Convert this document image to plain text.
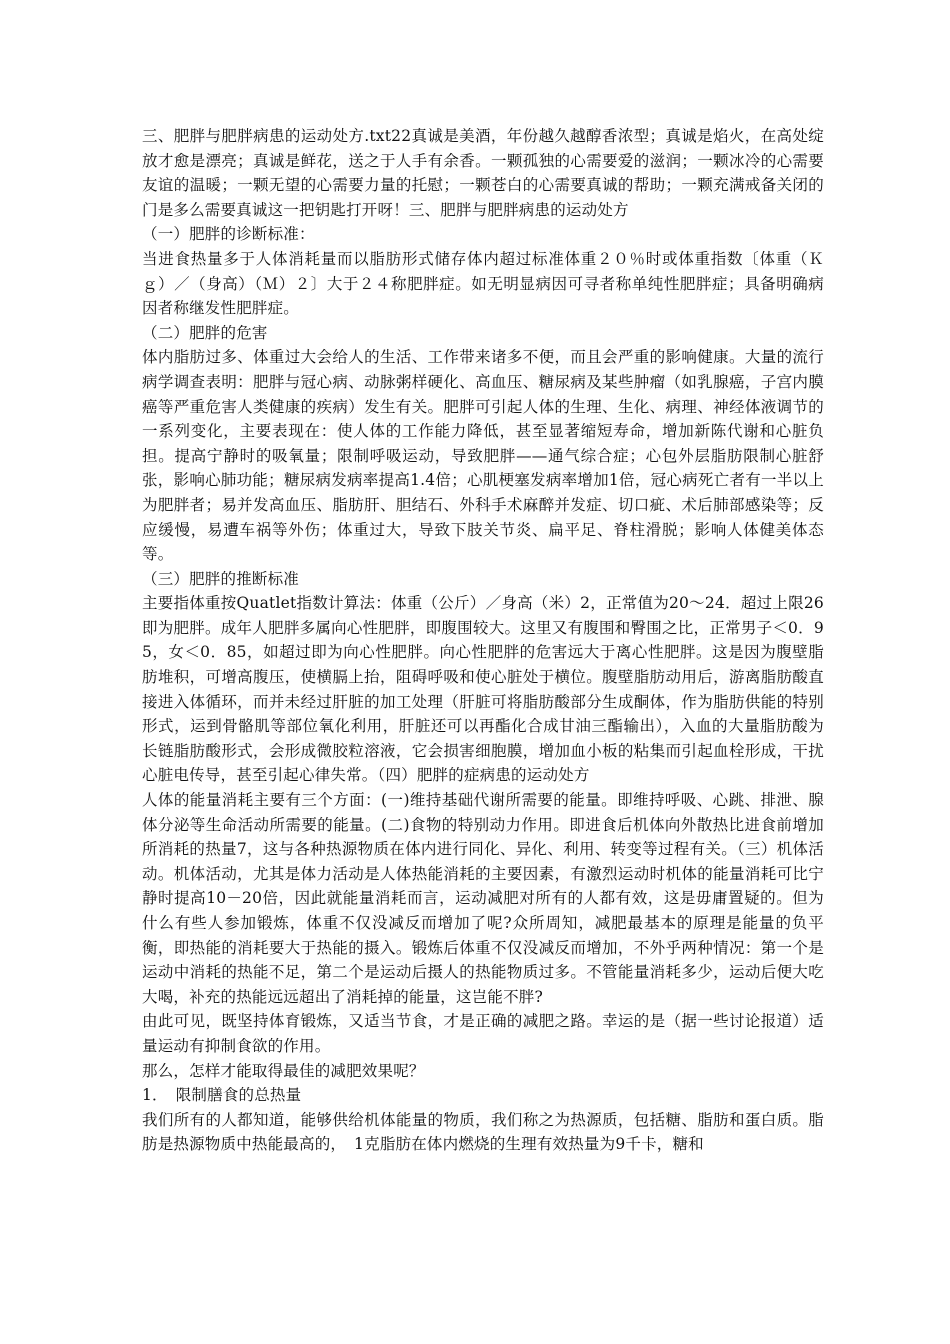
三、肥胖与肥胖病患的运动处方.txt22真诚是美酒，年份越久越醇香浓型；真诚是焰火，在高处绽放才愈是漂亮；真诚是鲜花，送之于人手有余香。一颗孤独的心需要爱的滋润；一颗冰冷的心需要友谊的温暖；一颗无望的心需要力量的托慰；一颗苍白的心需要真诚的帮助；一颗充满戒备关闭的门是多么需要真诚这一把钥匙打开呀！三、肥胖与肥胖病患的运动处方

（一）肥胖的诊断标准：

当进食热量多于人体消耗量而以脂肪形式储存体内超过标准体重２０％时或体重指数〔体重（Ｋｇ）／（身高）（Ｍ）２〕大于２４称肥胖症。如无明显病因可寻者称单纯性肥胖症；具备明确病因者称继发性肥胖症。

（二）肥胖的危害

体内脂肪过多、体重过大会给人的生活、工作带来诸多不便，而且会严重的影响健康。大量的流行病学调查表明：肥胖与冠心病、动脉粥样硬化、高血压、糖尿病及某些肿瘤（如乳腺癌，子宫内膜癌等严重危害人类健康的疾病）发生有关。肥胖可引起人体的生理、生化、病理、神经体液调节的一系列变化，主要表现在：使人体的工作能力降低，甚至显著缩短寿命，增加新陈代谢和心脏负担。提高宁静时的吸氧量；限制呼吸运动，导致肥胖——通气综合症；心包外层脂肪限制心脏舒张，影响心肺功能；糖尿病发病率提高1.4倍；心肌梗塞发病率增加1倍，冠心病死亡者有一半以上为肥胖者；易并发高血压、脂肪肝、胆结石、外科手术麻醉并发症、切口疵、术后肺部感染等；反应缓慢，易遭车祸等外伤；体重过大，导致下肢关节炎、扁平足、脊柱滑脱；影响人体健美体态等。

（三）肥胖的推断标准

主要指体重按Quatlet指数计算法：体重（公斤）／身高（米）2，正常值为20～24．超过上限26即为肥胖。成年人肥胖多属向心性肥胖，即腹围较大。这里又有腹围和臀围之比，正常男子＜0．95，女＜0．85，如超过即为向心性肥胖。向心性肥胖的危害远大于离心性肥胖。这是因为腹壁脂肪堆积，可增高腹压，使横膈上抬，阻碍呼吸和使心脏处于横位。腹壁脂肪动用后，游离脂肪酸直接进入体循环，而并未经过肝脏的加工处理（肝脏可将脂肪酸部分生成酮体，作为脂肪供能的特别形式，运到骨骼肌等部位氧化利用，肝脏还可以再酯化合成甘油三酯输出），入血的大量脂肪酸为长链脂肪酸形式，会形成微胶粒溶液，它会损害细胞膜，增加血小板的粘集而引起血栓形成，干扰心脏电传导，甚至引起心律失常。（四）肥胖的症病患的运动处方

人体的能量消耗主要有三个方面：(一)维持基础代谢所需要的能量。即维持呼吸、心跳、排泄、腺体分泌等生命活动所需要的能量。(二)食物的特别动力作用。即进食后机体向外散热比进食前增加所消耗的热量7，这与各种热源物质在体内进行同化、异化、利用、转变等过程有关。（三）机体活动。机体活动，尤其是体力活动是人体热能消耗的主要因素，有激烈运动时机体的能量消耗可比宁静时提高10－20倍，因此就能量消耗而言，运动减肥对所有的人都有效，这是毋庸置疑的。但为什么有些人参加锻炼，体重不仅没减反而增加了呢?众所周知，减肥最基本的原理是能量的负平衡，即热能的消耗要大于热能的摄入。锻炼后体重不仅没减反而增加，不外乎两种情况：第一个是运动中消耗的热能不足，第二个是运动后摄人的热能物质过多。不管能量消耗多少，运动后便大吃大喝，补充的热能远远超出了消耗掉的能量，这岂能不胖?

由此可见，既坚持体育锻炼，又适当节食，才是正确的减肥之路。幸运的是（据一些讨论报道）适量运动有抑制食欲的作用。

那么，怎样才能取得最佳的减肥效果呢？

1．　限制膳食的总热量

我们所有的人都知道，能够供给机体能量的物质，我们称之为热源质，包括糖、脂肪和蛋白质。脂肪是热源物质中热能最高的，　1克脂肪在体内燃烧的生理有效热量为9千卡，糖和
